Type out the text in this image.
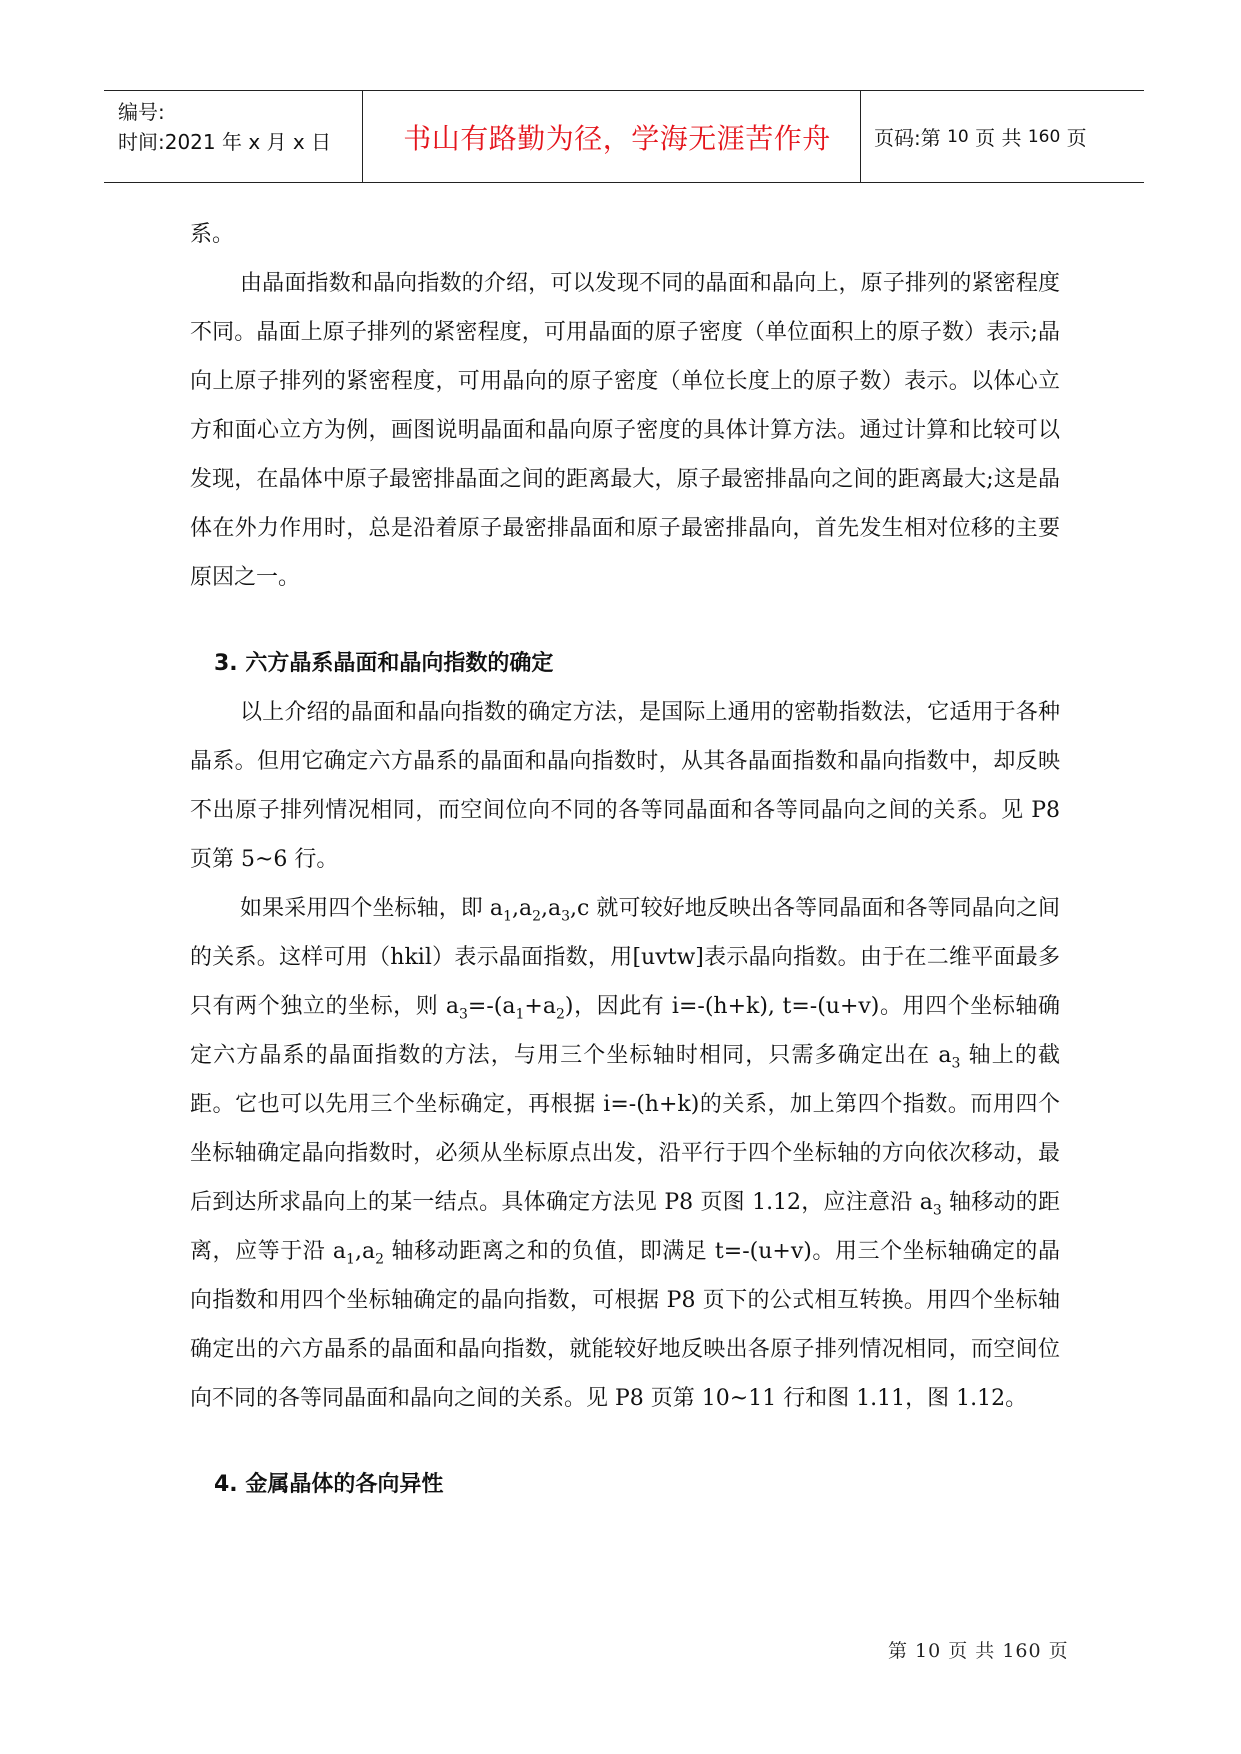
编号:
时间:2021 年 x 月 x 日	书山有路勤为径，学海无涯苦作舟	页码:第
10
页 共
160
页

系。

由晶面指数和晶向指数的介绍，可以发现不同的晶面和晶向上，原子排列的紧密程度不同。晶面上原子排列的紧密程度，可用晶面的原子密度（单位面积上的原子数）表示;晶向上原子排列的紧密程度，可用晶向的原子密度（单位长度上的原子数）表示。以体心立方和面心立方为例，画图说明晶面和晶向原子密度的具体计算方法。通过计算和比较可以发现，在晶体中原子最密排晶面之间的距离最大，原子最密排晶向之间的距离最大;这是晶体在外力作用时，总是沿着原子最密排晶面和原子最密排晶向，首先发生相对位移的主要原因之一。

3. 六方晶系晶面和晶向指数的确定

以上介绍的晶面和晶向指数的确定方法，是国际上通用的密勒指数法，它适用于各种晶系。但用它确定六方晶系的晶面和晶向指数时，从其各晶面指数和晶向指数中，却反映不出原子排列情况相同，而空间位向不同的各等同晶面和各等同晶向之间的关系。见 P8 页第 5~6 行。

如果采用四个坐标轴，即 $a_1,a_2,a_3,c$ 就可较好地反映出各等同晶面和各等同晶向之间的关系。这样可用（hkil）表示晶面指数，用[uvtw]表示晶向指数。由于在二维平面最多只有两个独立的坐标，则 $a_3=-(a_1+a_2)$，因此有 i=-(h+k), t=-(u+v)。用四个坐标轴确定六方晶系的晶面指数的方法，与用三个坐标轴时相同，只需多确定出在 $a_3$ 轴上的截距。它也可以先用三个坐标确定，再根据 i=-(h+k)的关系，加上第四个指数。而用四个坐标轴确定晶向指数时，必须从坐标原点出发，沿平行于四个坐标轴的方向依次移动，最后到达所求晶向上的某一结点。具体确定方法见 P8 页图 1.12，应注意沿 $a_3$ 轴移动的距离，应等于沿 $a_1,a_2$ 轴移动距离之和的负值，即满足 t=-(u+v)。用三个坐标轴确定的晶向指数和用四个坐标轴确定的晶向指数，可根据 P8 页下的公式相互转换。用四个坐标轴确定出的六方晶系的晶面和晶向指数，就能较好地反映出各原子排列情况相同，而空间位向不同的各等同晶面和晶向之间的关系。见 P8 页第 10~11 行和图 1.11，图 1.12。

4. 金属晶体的各向异性

第 10 页 共 160 页
